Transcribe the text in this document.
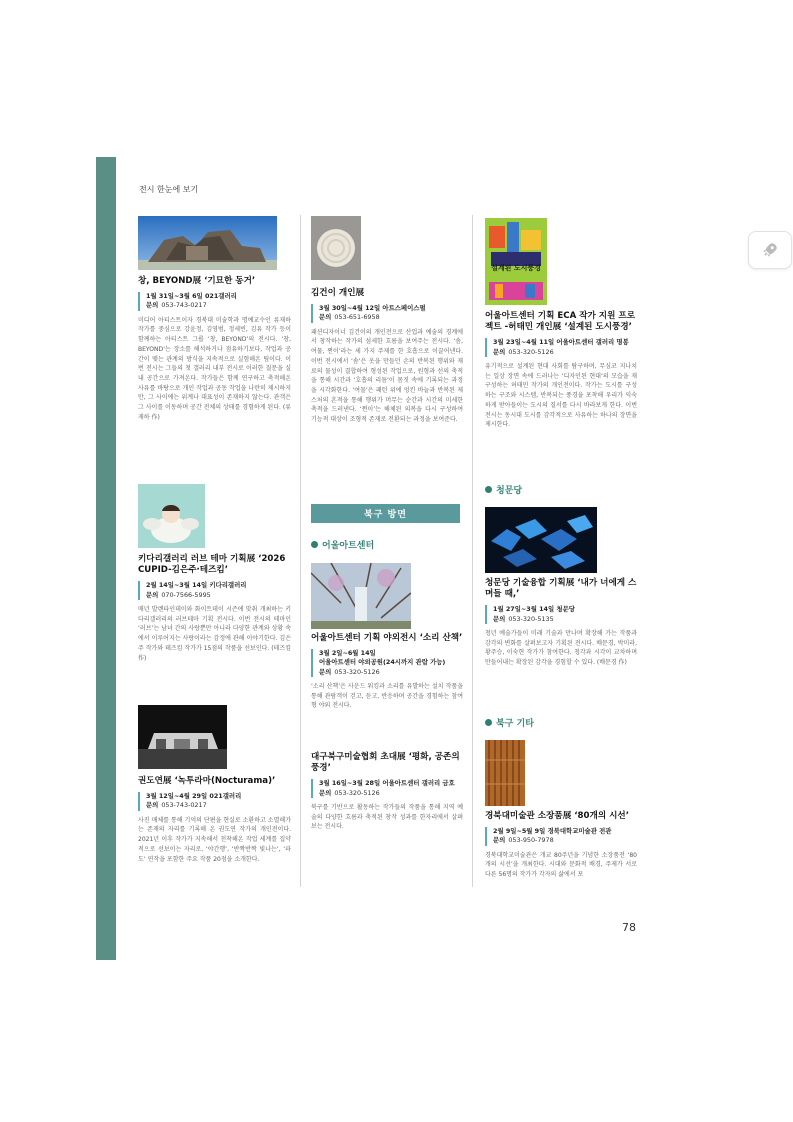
전시 한눈에 보기
창, BEYOND展 ‘기묘한 동거’
1월 31일~3월 6일 021갤러리
문의 053-743-0217
미디어 아티스트이자 경북대 미술학과 명예교수인 류재하 작가를 중심으로 강윤정, 김영범, 정세빈, 김유 작가 등이 함께하는 아티스트 그룹 ‘창, BEYOND’의 전시다. ‘창, BEYOND’는 장소를 해석하거나 점유하기보다, 작업과 공간이 맺는 관계의 방식을 지속적으로 실험해온 팀이다. 이번 전시는 그들의 첫 갤러리 내부 전시로 이러한 질문을 실내 공간으로 가져온다. 작가들은 함께 연구하고 축적해온 사유를 바탕으로 개인 작업과 공동 작업을 나란히 제시하지만, 그 사이에는 위계나 대표성이 존재하지 않는다. 관객은 그 사이를 이동하며 공간 전체의 상태를 경험하게 된다. (류재하 作)
키다리갤러리 러브 테마 기획展 ‘2026 CUPID-김은주·테즈킴’
2월 14일~3월 14일 키다리갤러리
문의 070-7566-5995
매년 발렌타인데이와 화이트데이 시즌에 맞춰 개최하는 키다리갤러리의 러브테마 기획 전시다. 이번 전시의 테마인 ‘러브’는 남녀 간의 사랑뿐만 아니라 다양한 관계와 상황 속에서 이루어지는 사랑이라는 감정에 관해 이야기한다. 김은주 작가와 테즈킴 작가가 15점의 작품을 선보인다. (테즈킴 作)
권도연展 ‘녹투라마(Nocturama)’
3월 12일~4월 29일 021갤러리
문의 053-743-0217
사진 매체를 통해 기억의 단편을 현실로 소환하고 소멸해가는 존재의 자리를 기록해 온 권도연 작가의 개인전이다. 2021년 이후 작가가 지속해서 천착해온 작업 세계를 집약적으로 선보이는 자리로, ‘야간행’, ‘반짝반짝 빛나는’, ‘파도’ 연작을 포함한 주요 작품 20점을 소개한다.
김건이 개인展
3월 30일~4월 12일 아트스페이스펄
문의 053-651-6958
패션디자이너 김건이의 개인전으로 산업과 예술의 경계에서 창작하는 작가의 섬세한 흐름을 보여주는 전시다. ‘솜, 여물, 쩐이’라는 세 가지 주제를 한 호흡으로 이끌어낸다. 이번 전시에서 ‘솜’은 옷을 만들던 손의 반복된 행위와 재료의 물성이 결합하여 형성된 작업으로, 원형과 선의 축적을 통해 시간과 ‘호흡의 리듬’이 몸짓 속에 기록되는 과정을 시각화한다. ‘여물’은 패턴 위에 엉킨 바늘과 반복된 제스처의 흔적을 통해 행위가 머무는 순간과 시간의 미세한 축적을 드러낸다. ‘쩐이’는 해체된 의복을 다시 구성하여 기능적 대상이 조형적 존재로 전환되는 과정을 보여준다.
북구 방면
어울아트센터
어울아트센터 기획 야외전시 ‘소리 산책’
3월 2일~6월 14일
어울아트센터 야외공원(24시까지 관람 가능)
문의 053-320-5126
‘소리 산책’은 사운드 워킹과 소리를 유발하는 설치 작품을 통해 관람객이 걷고, 듣고, 반응하며 공간을 경험하는 참여형 야외 전시다.
대구북구미술협회 초대展 ‘평화, 공존의 풍경’
3월 16일~3월 28일 어울아트센터 갤러리 금호
문의 053-320-5126
북구를 기반으로 활동하는 작가들의 작품을 통해 지역 예술의 다양한 흐름과 축적된 창작 성과를 한자리에서 살펴보는 전시다.
설계된 도시풍경
어울아트센터 기획 ECA 작가 지원 프로젝트 -허태민 개인展 ‘설계된 도시풍경’
3월 23일~4월 11일 어울아트센터 갤러리 명봉
문의 053-320-5126
유기적으로 설계된 현대 사회를 탐구하며, 무심코 지나치는 일상 장면 속에 드러나는 ‘디자인된 현대’의 모습을 재구성하는 허태민 작가의 개인전이다. 작가는 도시를 구성하는 구조와 시스템, 반복되는 풍경을 포착해 우리가 익숙하게 받아들이는 도시의 질서를 다시 바라보게 한다. 이번 전시는 동시대 도시를 감각적으로 사유하는 하나의 장면을 제시한다.
청문당
청문당 기술융합 기획展 ‘내가 너에게 스며들 때,’
1월 27일~3월 14일 청문당
문의 053-320-5135
청년 예술가들이 미래 기술과 만나며 확장해 가는 작품과 감각의 변화를 살펴보고자 기획된 전시다. 배문경, 박미라, 황주승, 이숙현 작가가 참여한다. 청각과 시각이 교차하며 만들어내는 확장된 감각을 경험할 수 있다. (배문경 作)
북구 기타
경북대미술관 소장품展 ‘80개의 시선’
2월 9일~5월 9일 경북대학교미술관 전관
문의 053-950-7978
경북대학교미술관은 개교 80주년을 기념한 소장품전 ‘80개의 시선’을 개최한다. 시대와 문화적 배경, 주제가 서로 다른 56명의 작가가 각자의 삶에서 포
78
